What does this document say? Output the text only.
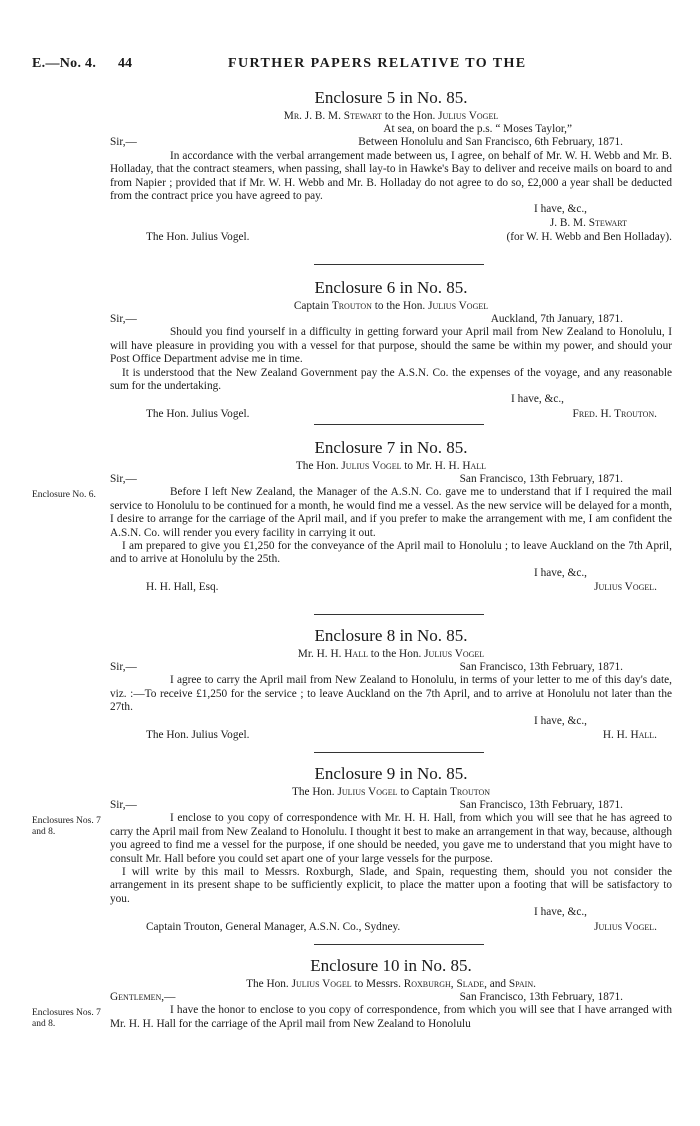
E.—No. 4. 44	FURTHER PAPERS RELATIVE TO THE
Enclosure 5 in No. 85.
Mr. J. B. M. Stewart to the Hon. Julius Vogel
At sea, on board the p.s. “ Moses Taylor,”
Sir,—	Between Honolulu and San Francisco, 6th February, 1871.
In accordance with the verbal arrangement made between us, I agree, on behalf of Mr. W. H. Webb and Mr. B. Holladay, that the contract steamers, when passing, shall lay-to in Hawke's Bay to deliver and receive mails on board to and from Napier ; provided that if Mr. W. H. Webb and Mr. B. Holladay do not agree to do so, £2,000 a year shall be deducted from the contract price you have agreed to pay.
I have, &c.,
J. B. M. Stewart
The Hon. Julius Vogel.	(for W. H. Webb and Ben Holladay).
Enclosure 6 in No. 85.
Captain Trouton to the Hon. Julius Vogel
Sir,—	Auckland, 7th January, 1871.
Should you find yourself in a difficulty in getting forward your April mail from New Zealand to Honolulu, I will have pleasure in providing you with a vessel for that purpose, should the same be within my power, and should your Post Office Department advise me in time.
It is understood that the New Zealand Government pay the A.S.N. Co. the expenses of the voyage, and any reasonable sum for the undertaking.
I have, &c.,
The Hon. Julius Vogel.	Fred. H. Trouton.
Enclosure No. 6.
Enclosure 7 in No. 85.
The Hon. Julius Vogel to Mr. H. H. Hall
Sir,—	San Francisco, 13th February, 1871.
Before I left New Zealand, the Manager of the A.S.N. Co. gave me to understand that if I required the mail service to Honolulu to be continued for a month, he would find me a vessel. As the new service will be delayed for a month, I desire to arrange for the carriage of the April mail, and if you prefer to make the arrangement with me, I am confident the A.S.N. Co. will render you every facility in carrying it out.
I am prepared to give you £1,250 for the conveyance of the April mail to Honolulu ; to leave Auckland on the 7th April, and to arrive at Honolulu by the 25th.
I have, &c.,
H. H. Hall, Esq.	Julius Vogel.
Enclosure 8 in No. 85.
Mr. H. H. Hall to the Hon. Julius Vogel
Sir,—	San Francisco, 13th February, 1871.
I agree to carry the April mail from New Zealand to Honolulu, in terms of your letter to me of this day's date, viz. :—To receive £1,250 for the service ; to leave Auckland on the 7th April, and to arrive at Honolulu not later than the 27th.
I have, &c.,
The Hon. Julius Vogel.	H. H. Hall.
Enclosures Nos. 7 and 8.
Enclosure 9 in No. 85.
The Hon. Julius Vogel to Captain Trouton
Sir,—	San Francisco, 13th February, 1871.
I enclose to you copy of correspondence with Mr. H. H. Hall, from which you will see that he has agreed to carry the April mail from New Zealand to Honolulu. I thought it best to make an arrangement in that way, because, although you agreed to find me a vessel for the purpose, if one should be needed, you gave me to understand that you might have to consult Mr. Hall before you could set apart one of your large vessels for the purpose.
I will write by this mail to Messrs. Roxburgh, Slade, and Spain, requesting them, should you not consider the arrangement in its present shape to be sufficiently explicit, to place the matter upon a footing that will be satisfactory to you.
I have, &c.,
Captain Trouton, General Manager, A.S.N. Co., Sydney.	Julius Vogel.
Enclosures Nos. 7 and 8.
Enclosure 10 in No. 85.
The Hon. Julius Vogel to Messrs. Roxburgh, Slade, and Spain.
Gentlemen,—	San Francisco, 13th February, 1871.
I have the honor to enclose to you copy of correspondence, from which you will see that I have arranged with Mr. H. H. Hall for the carriage of the April mail from New Zealand to Honolulu
